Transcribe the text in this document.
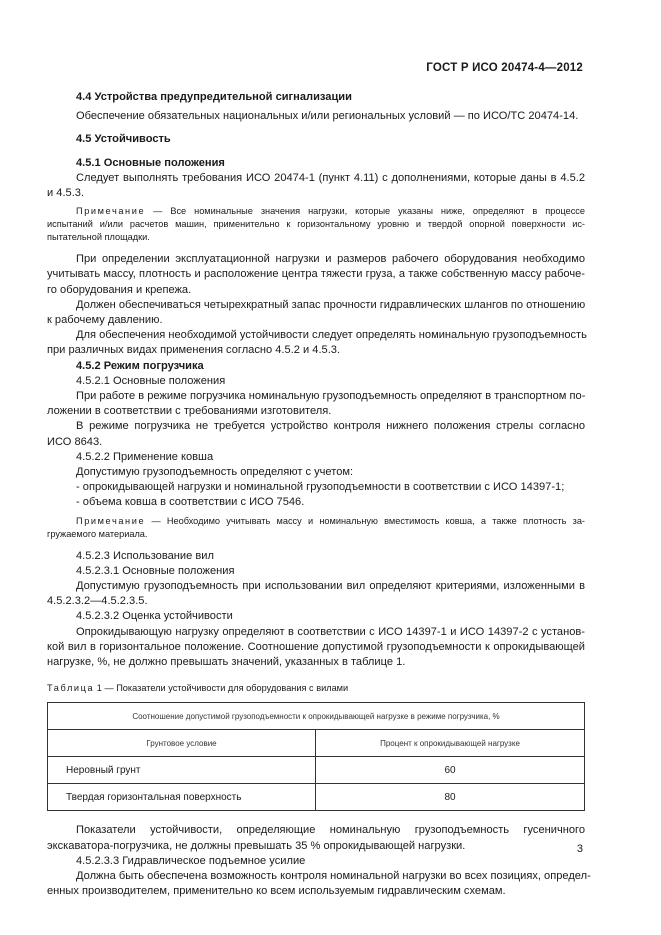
ГОСТ Р ИСО 20474-4—2012
4.4 Устройства предупредительной сигнализации
Обеспечение обязательных национальных и/или региональных условий — по ИСО/ТС 20474-14.
4.5 Устойчивость
4.5.1 Основные положения
Следует выполнять требования ИСО 20474-1 (пункт 4.11) с дополнениями, которые даны в 4.5.2
и 4.5.3.
Примечание — Все номинальные значения нагрузки, которые указаны ниже, определяют в процессе
испытаний и/или расчетов машин, применительно к горизонтальному уровню и твердой опорной поверхности ис-
пытательной площадки.
При определении эксплуатационной нагрузки и размеров рабочего оборудования необходимо
учитывать массу, плотность и расположение центра тяжести груза, а также собственную массу рабоче-
го оборудования и крепежа.
Должен обеспечиваться четырехкратный запас прочности гидравлических шлангов по отношению
к рабочему давлению.
Для обеспечения необходимой устойчивости следует определять номинальную грузоподъемность
при различных видах применения согласно 4.5.2 и 4.5.3.
4.5.2 Режим погрузчика
4.5.2.1 Основные положения
При работе в режиме погрузчика номинальную грузоподъемность определяют в транспортном по-
ложении в соответствии с требованиями изготовителя.
В режиме погрузчика не требуется устройство контроля нижнего положения стрелы согласно
ИСО 8643.
4.5.2.2 Применение ковша
Допустимую грузоподъемность определяют с учетом:
- опрокидывающей нагрузки и номинальной грузоподъемности в соответствии с ИСО 14397-1;
- объема ковша в соответствии с ИСО 7546.
Примечание — Необходимо учитывать массу и номинальную вместимость ковша, а также плотность за-
гружаемого материала.
4.5.2.3 Использование вил
4.5.2.3.1 Основные положения
Допустимую грузоподъемность при использовании вил определяют критериями, изложенными в
4.5.2.3.2—4.5.2.3.5.
4.5.2.3.2 Оценка устойчивости
Опрокидывающую нагрузку определяют в соответствии с ИСО 14397-1 и ИСО 14397-2 с установ-
кой вил в горизонтальное положение. Соотношение допустимой грузоподъемности к опрокидывающей
нагрузке, %, не должно превышать значений, указанных в таблице 1.
Таблица 1 — Показатели устойчивости для оборудования с вилами
Соотношение допустимой грузоподъемности к опрокидывающей нагрузке в режиме погрузчика, %	
Грунтовое условие	Процент к опрокидывающей нагрузке
Неровный грунт	60
Твердая горизонтальная поверхность	80
Показатели устойчивости, определяющие номинальную грузоподъемность гусеничного
экскаватора-погрузчика, не должны превышать 35 % опрокидывающей нагрузки.
4.5.2.3.3 Гидравлическое подъемное усилие
Должна быть обеспечена возможность контроля номинальной нагрузки во всех позициях, определ-
енных производителем, применительно ко всем используемым гидравлическим схемам.
3
